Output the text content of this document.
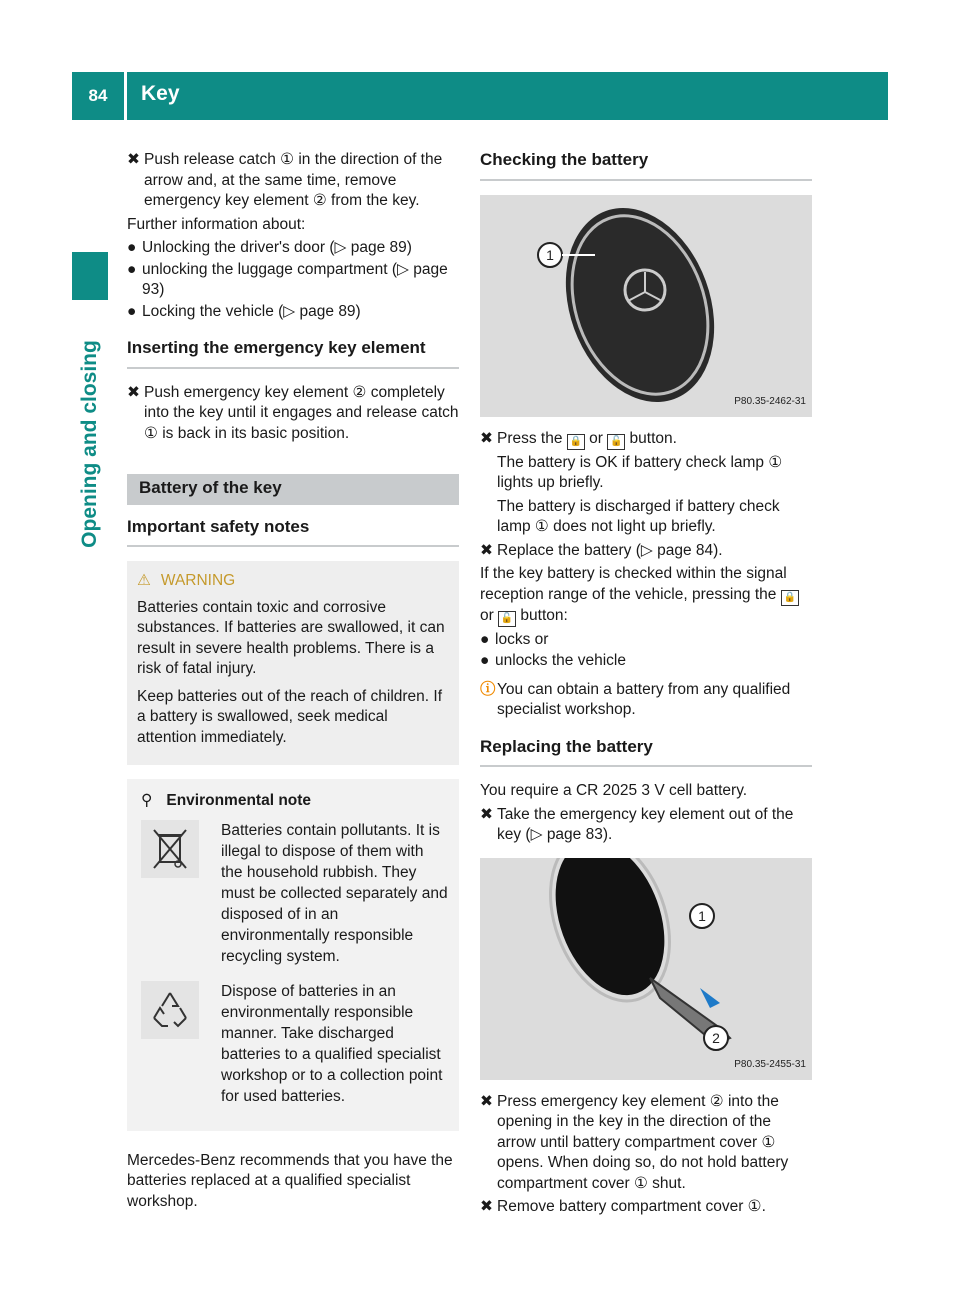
84	Key
Opening and closing
✖ Push release catch ① in the direction of the arrow and, at the same time, remove emergency key element ② from the key.

Further information about:

● Unlocking the driver's door (▷ page 89)
● unlocking the luggage compartment (▷ page 93)
● Locking the vehicle (▷ page 89)
Inserting the emergency key element
✖ Push emergency key element ② completely into the key until it engages and release catch ① is back in its basic position.

Battery of the key
Important safety notes
⚠ WARNING

Batteries contain toxic and corrosive substances. If batteries are swallowed, it can result in severe health problems. There is a risk of fatal injury.

Keep batteries out of the reach of children. If a battery is swallowed, seek medical attention immediately.

⚲ Environmental note

Batteries contain pollutants. It is illegal to dispose of them with the household rubbish. They must be collected separately and disposed of in an environmentally responsible recycling system.

Dispose of batteries in an environmentally responsible manner. Take discharged batteries to a qualified specialist workshop or to a collection point for used batteries.

Mercedes-Benz recommends that you have the batteries replaced at a qualified specialist workshop.

Checking the battery
1
P80.35-2462-31
✖ Press the 🔒 or 🔓 button.

The battery is OK if battery check lamp ① lights up briefly.

The battery is discharged if battery check lamp ① does not light up briefly.

✖ Replace the battery (▷ page 84).

If the key battery is checked within the signal reception range of the vehicle, pressing the 🔒 or 🔓 button:

● locks or
● unlocks the vehicle
ⓘ You can obtain a battery from any qualified specialist workshop.

Replacing the battery

You require a CR 2025 3 V cell battery.

✖ Take the emergency key element out of the key (▷ page 83).

1
2
P80.35-2455-31
✖ Press emergency key element ② into the opening in the key in the direction of the arrow until battery compartment cover ① opens. When doing so, do not hold battery compartment cover ① shut.

✖ Remove battery compartment cover ①.
